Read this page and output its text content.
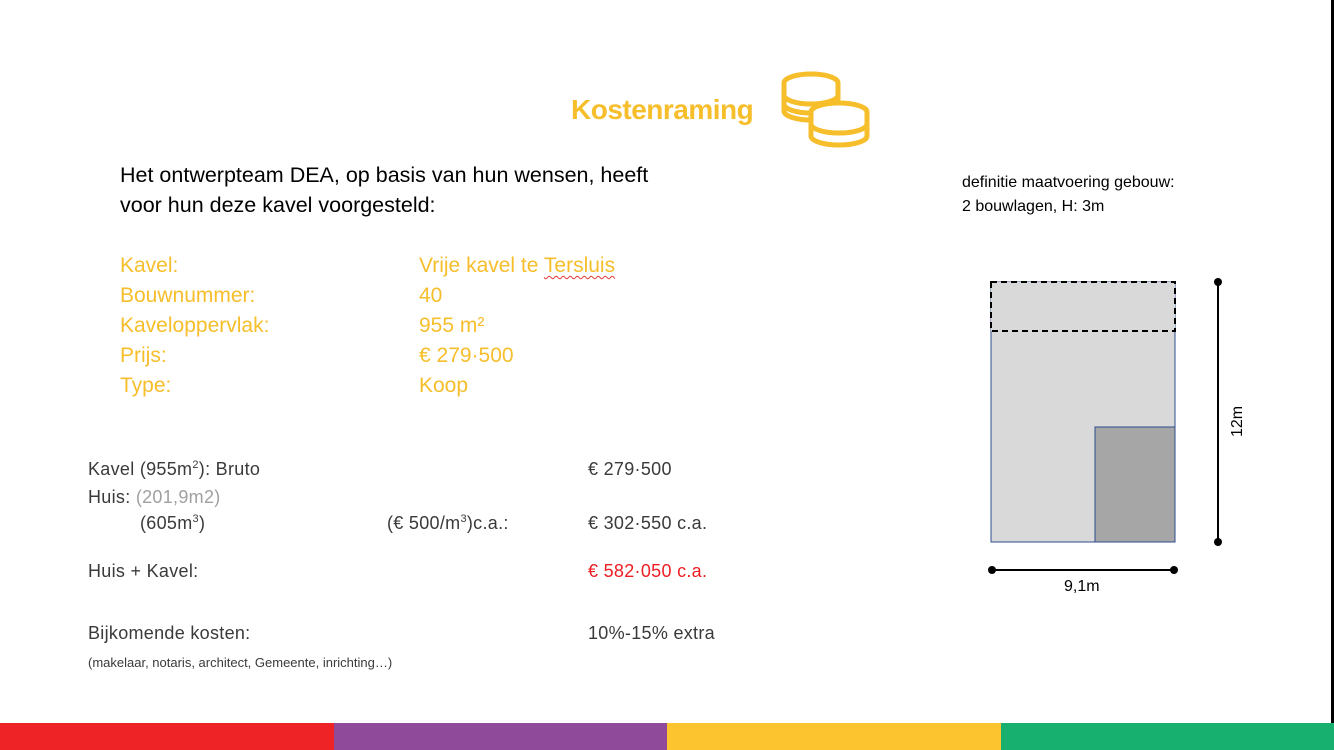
Kostenraming
Het ontwerpteam DEA, op basis van hun wensen, heeft
voor hun deze kavel voorgesteld:
Kavel:	Vrije kavel te Tersluis
Bouwnummer:	40
Kaveloppervlak:	955 m²
Prijs:	€ 279·500
Type:	Koop
Kavel $(955m^2)$: Bruto	€ 279·500
Huis: (201,9m2)
$(605m^3)$	(€ $500/m^3)c.a$.:	€ 302·550 c.a.
Huis + Kavel:	€ 582·050 c.a.
Bijkomende kosten:	10%-15% extra
(makelaar, notaris, architect, Gemeente, inrichting…)
definitie maatvoering gebouw:
2 bouwlagen, H: 3m
9,1m
12m
